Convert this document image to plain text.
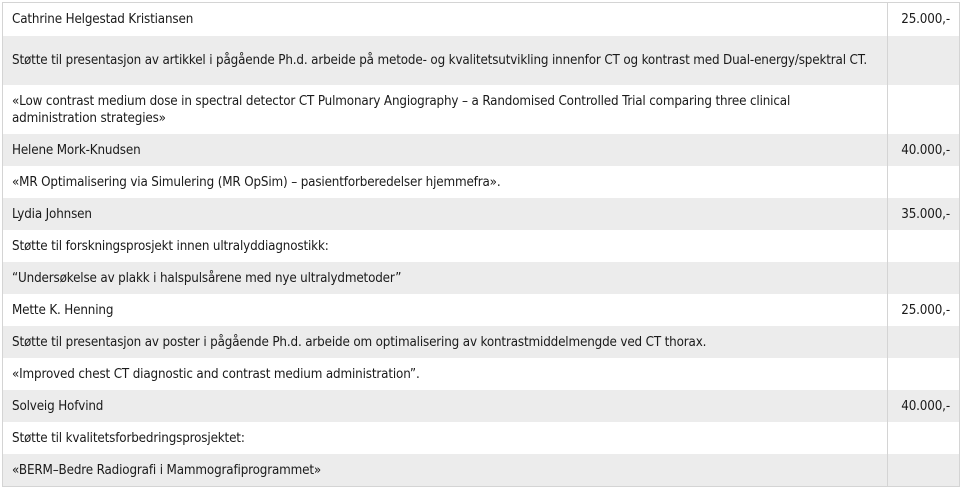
Cathrine Helgestad Kristiansen	25.000,-
Støtte til presentasjon av artikkel i pågående Ph.d. arbeide på metode- og kvalitetsutvikling innenfor CT og kontrast med Dual-energy/spektral CT.	
«Low contrast medium dose in spectral detector CT Pulmonary Angiography – a Randomised Controlled Trial comparing three clinical administration strategies»	
Helene Mork-Knudsen	40.000,-
«MR Optimalisering via Simulering (MR OpSim) – pasientforberedelser hjemmefra».	
Lydia Johnsen	35.000,-
Støtte til forskningsprosjekt innen ultralyddiagnostikk:	
“Undersøkelse av plakk i halspulsårene med nye ultralydmetoder”	
Mette K. Henning	25.000,-
Støtte til presentasjon av poster i pågående Ph.d. arbeide om optimalisering av kontrastmiddelmengde ved CT thorax.	
«Improved chest CT diagnostic and contrast medium administration”.	
Solveig Hofvind	40.000,-
Støtte til kvalitetsforbedringsprosjektet:	
«BERM–Bedre Radiografi i Mammografiprogrammet»	
